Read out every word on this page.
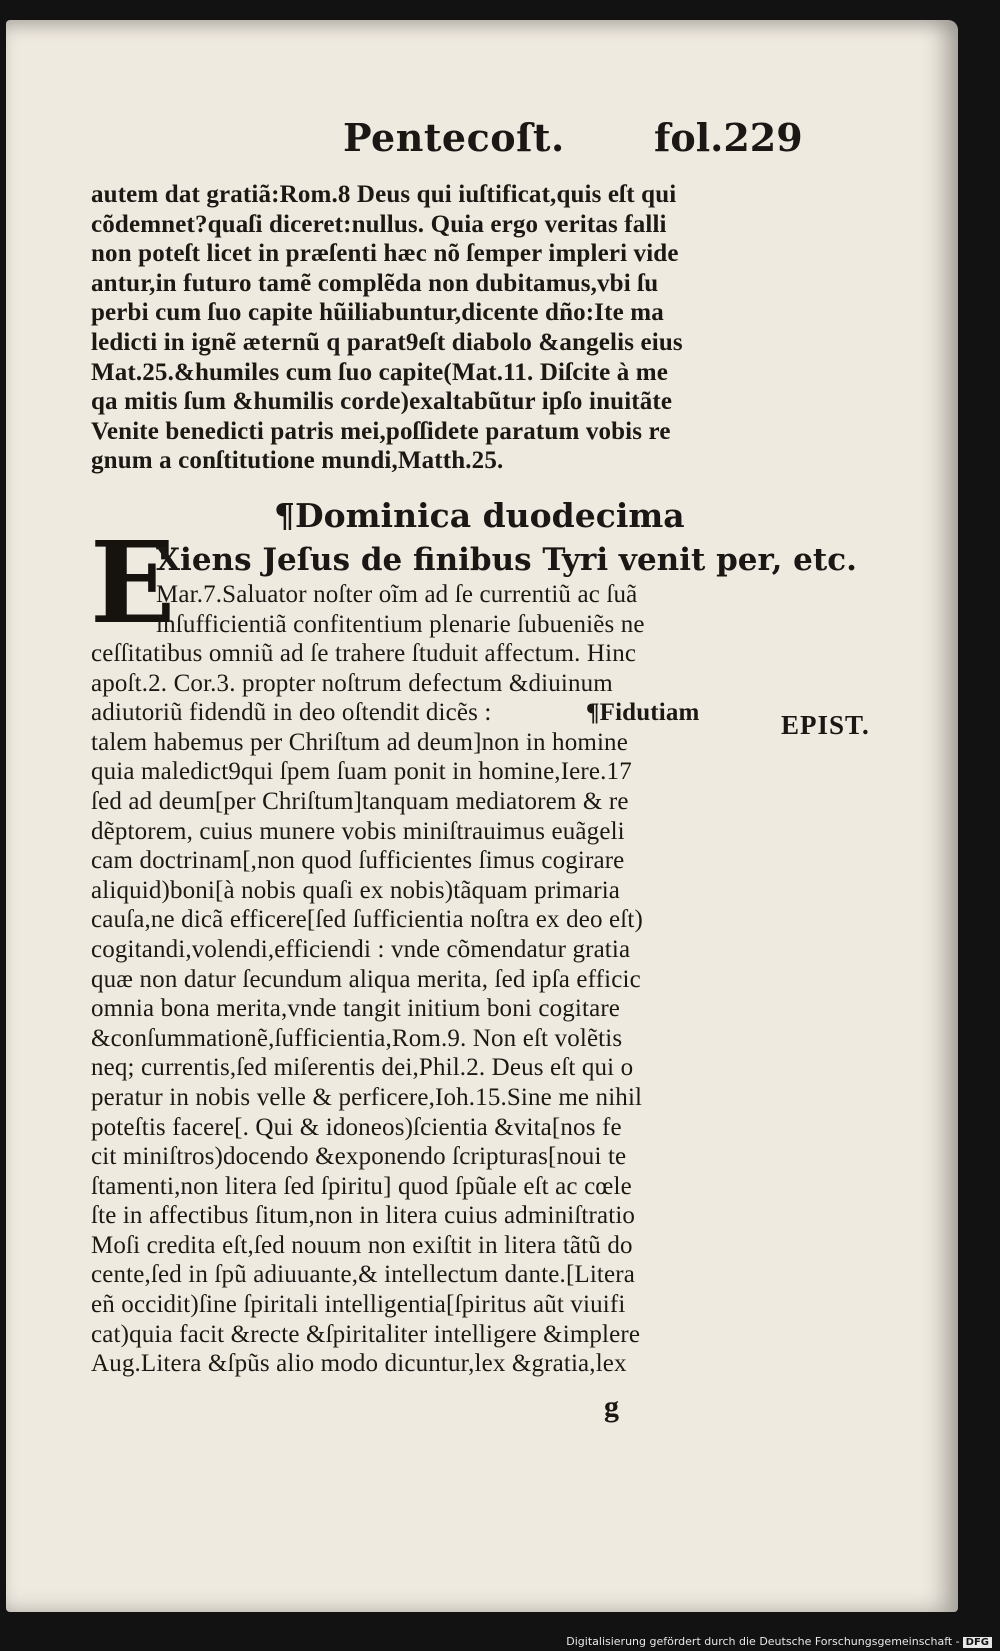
Pentecoſt. fol.229
autem dat gratiã:Rom.8 Deus qui iuſtificat,quis eſt qui
cõdemnet?quaſi diceret:nullus. Quia ergo veritas falli
non poteſt licet in præſenti hæc nõ ſemper impleri vide
antur,in futuro tamẽ complẽda non dubitamus,vbi ſu
perbi cum ſuo capite hũiliabuntur,dicente dño:Ite ma
ledicti in ignẽ æternũ q parat9eſt diabolo &angelis eius
Mat.25.&humiles cum ſuo capite(Mat.11. Diſcite à me
qa mitis ſum &humilis corde)exaltabũtur ipſo inuitãte
Venite benedicti patris mei,poſſidete paratum vobis re
gnum a conſtitutione mundi,Matth.25.
¶Dominica duodecima
E
Xiens Jeſus de finibus Tyri venit per, etc.
Mar.7.Saluator noſter oĩm ad ſe currentiũ ac ſuã
inſufficientiã confitentium plenarie ſubueniẽs ne
ceſſitatibus omniũ ad ſe trahere ſtuduit affectum. Hinc
apoſt.2. Cor.3. propter noſtrum defectum &diuinum
adiutoriũ fidendũ in deo oſtendit dicẽs :	¶Fidutiam
talem habemus per Chriſtum ad deum]non in homine
quia maledict9qui ſpem ſuam ponit in homine,Iere.17
ſed ad deum[per Chriſtum]tanquam mediatorem & re
dẽptorem, cuius munere vobis miniſtrauimus euãgeli
cam doctrinam[,non quod ſufficientes ſimus cogirare
aliquid)boni[à nobis quaſi ex nobis)tãquam primaria
cauſa,ne dicã efficere[ſed ſufficientia noſtra ex deo eſt)
cogitandi,volendi,efficiendi : vnde cõmendatur gratia
quæ non datur ſecundum aliqua merita, ſed ipſa efficic
omnia bona merita,vnde tangit initium boni cogitare
&conſummationẽ,ſufficientia,Rom.9. Non eſt volẽtis
neq; currentis,ſed miſerentis dei,Phil.2. Deus eſt qui o
peratur in nobis velle & perficere,Ioh.15.Sine me nihil
poteſtis facere[. Qui & idoneos)ſcientia &vita[nos fe
cit miniſtros)docendo &exponendo ſcripturas[noui te
ſtamenti,non litera ſed ſpiritu] quod ſpũale eſt ac cœle
ſte in affectibus ſitum,non in litera cuius adminiſtratio
Moſi credita eſt,ſed nouum non exiſtit in litera tãtũ do
cente,ſed in ſpũ adiuuante,& intellectum dante.[Litera
eñ occidit)ſine ſpiritali intelligentia[ſpiritus aũt viuifi
cat)quia facit &recte &ſpiritaliter intelligere &implere
Aug.Litera &ſpũs alio modo dicuntur,lex &gratia,lex
EPIST.
g
Digitalisierung gefördert durch die Deutsche Forschungsgemeinschaft - DFG
